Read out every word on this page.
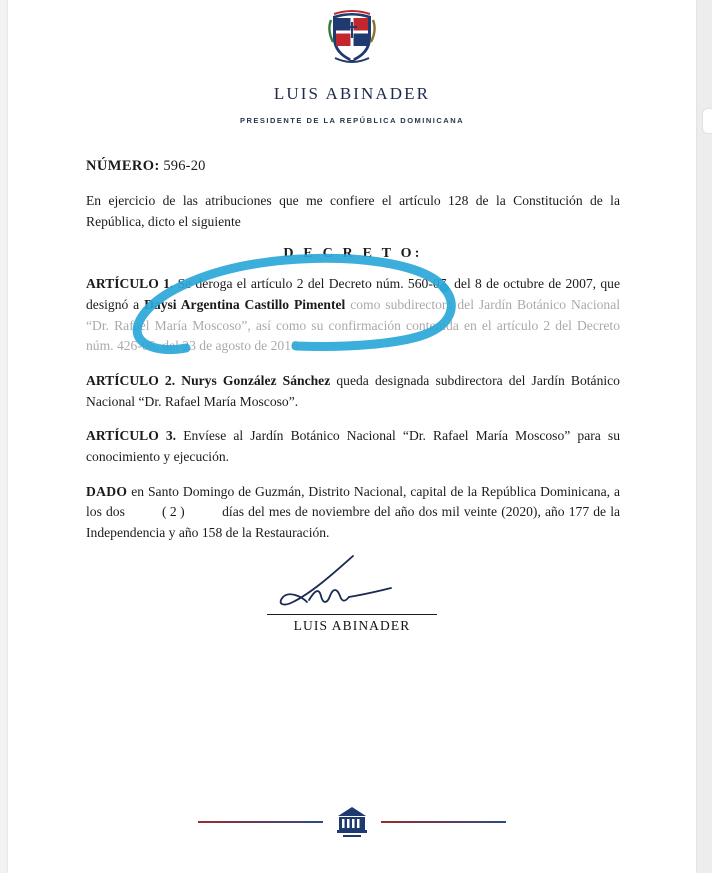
LUIS ABINADER
PRESIDENTE DE LA REPÚBLICA DOMINICANA
NÚMERO: 596-20

En ejercicio de las atribuciones que me confiere el artículo 128 de la Constitución de la República, dicto el siguiente

D E C R E T O:

ARTÍCULO 1. Se deroga el artículo 2 del Decreto núm. 560-07, del 8 de octubre de 2007, que designó a Daysi Argentina Castillo Pimentel como subdirectora del Jardín Botánico Nacional “Dr. Rafael María Moscoso”, así como su confirmación contenida en el artículo 2 del Decreto núm. 426-06, del 23 de agosto de 2016.

ARTÍCULO 2. Nurys González Sánchez queda designada subdirectora del Jardín Botánico Nacional “Dr. Rafael María Moscoso”.

ARTÍCULO 3. Envíese al Jardín Botánico Nacional “Dr. Rafael María Moscoso” para su conocimiento y ejecución.

DADO en Santo Domingo de Guzmán, Distrito Nacional, capital de la República Dominicana, a los dos	( 2 ) días del mes de noviembre del año dos mil veinte (2020), año 177 de la Independencia y año 158 de la Restauración.

LUIS ABINADER
